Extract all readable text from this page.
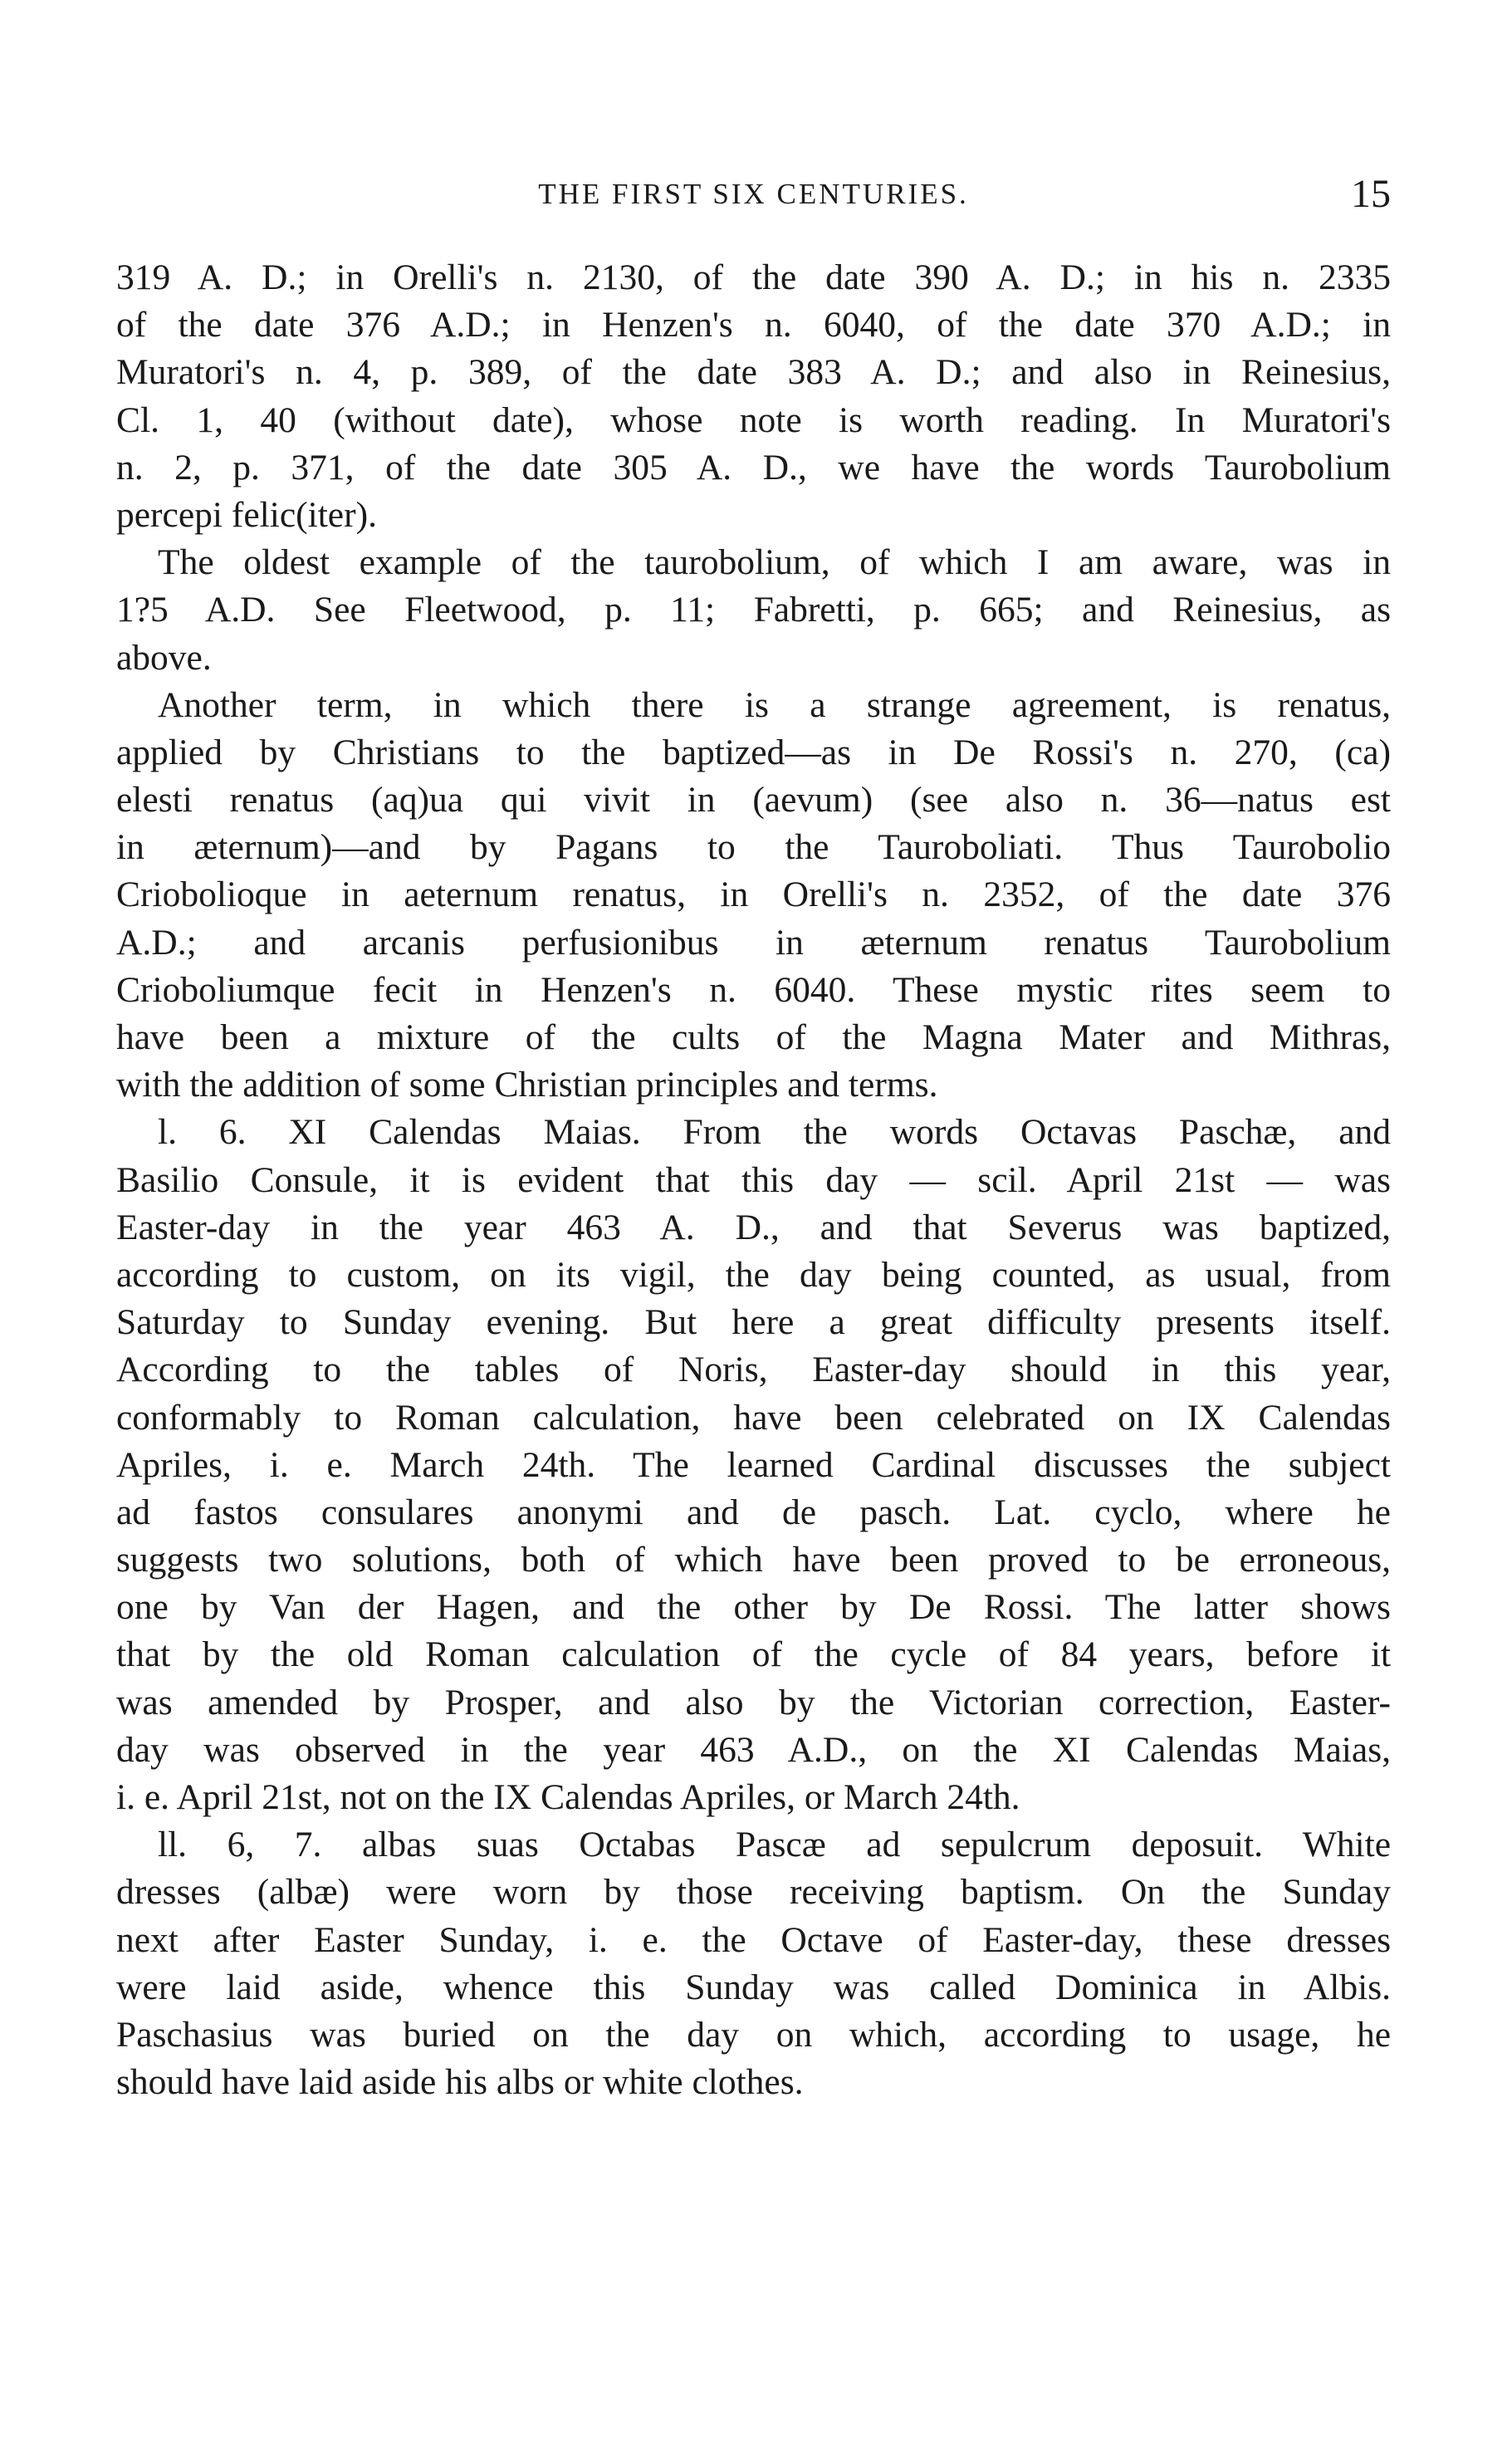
THE FIRST SIX CENTURIES.	15
319 A. D.; in Orelli's n. 2130, of the date 390 A. D.; in his n. 2335
of the date 376 A.D.; in Henzen's n. 6040, of the date 370 A.D.; in
Muratori's n. 4, p. 389, of the date 383 A. D.; and also in Reinesius,
Cl. 1, 40 (without date), whose note is worth reading. In Muratori's
n. 2, p. 371, of the date 305 A. D., we have the words Taurobolium
percepi felic(iter).
The oldest example of the taurobolium, of which I am aware, was in
1?5 A.D. See Fleetwood, p. 11; Fabretti, p. 665; and Reinesius, as
above.
Another term, in which there is a strange agreement, is renatus,
applied by Christians to the baptized—as in De Rossi's n. 270, (ca)
elesti renatus (aq)ua qui vivit in (aevum) (see also n. 36—natus est
in æternum)—and by Pagans to the Tauroboliati. Thus Taurobolio
Criobolioque in aeternum renatus, in Orelli's n. 2352, of the date 376
A.D.; and arcanis perfusionibus in æternum renatus Taurobolium
Crioboliumque fecit in Henzen's n. 6040. These mystic rites seem to
have been a mixture of the cults of the Magna Mater and Mithras,
with the addition of some Christian principles and terms.
l. 6. XI Calendas Maias. From the words Octavas Paschæ, and
Basilio Consule, it is evident that this day — scil. April 21st — was
Easter-day in the year 463 A. D., and that Severus was baptized,
according to custom, on its vigil, the day being counted, as usual, from
Saturday to Sunday evening. But here a great difficulty presents itself.
According to the tables of Noris, Easter-day should in this year,
conformably to Roman calculation, have been celebrated on IX Calendas
Apriles, i. e. March 24th. The learned Cardinal discusses the subject
ad fastos consulares anonymi and de pasch. Lat. cyclo, where he
suggests two solutions, both of which have been proved to be erroneous,
one by Van der Hagen, and the other by De Rossi. The latter shows
that by the old Roman calculation of the cycle of 84 years, before it
was amended by Prosper, and also by the Victorian correction, Easter-
day was observed in the year 463 A.D., on the XI Calendas Maias,
i. e. April 21st, not on the IX Calendas Apriles, or March 24th.
ll. 6, 7. albas suas Octabas Pascæ ad sepulcrum deposuit. White
dresses (albæ) were worn by those receiving baptism. On the Sunday
next after Easter Sunday, i. e. the Octave of Easter-day, these dresses
were laid aside, whence this Sunday was called Dominica in Albis.
Paschasius was buried on the day on which, according to usage, he
should have laid aside his albs or white clothes.
